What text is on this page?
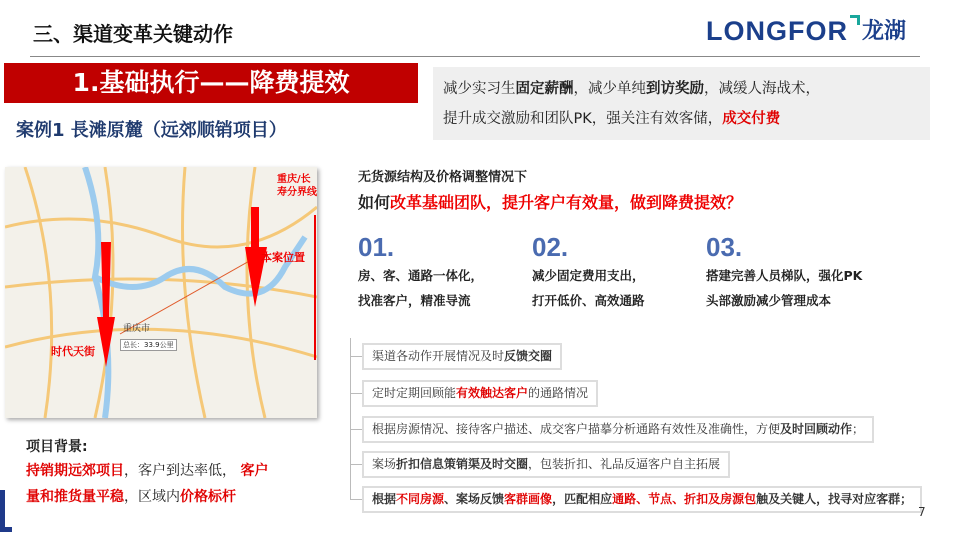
三、渠道变革关键动作	LONGFOR 龙湖
1.基础执行——降费提效	减少实习生固定薪酬，减少单纯到访奖励，减缓人海战术，
提升成交激励和团队PK，强关注有效客储，成交付费
案例1 長滩原麓（远郊顺销项目）
重庆/长寿分界线
本案位置
时代天街
重庆市
总长：33.9公里
项目背景:
持销期远郊项目，客户到达率低， 客户
量和推货量平稳，区域内价格标杆
无货源结构及价格调整情况下
如何改革基础团队，提升客户有效量，做到降费提效？
01.
房、客、通路一体化，
找准客户，精准导流
02.
减少固定费用支出，
打开低价、高效通路
03.
搭建完善人员梯队，强化PK
头部激励减少管理成本
渠道各动作开展情况及时反馈交圈
定时定期回顾能有效触达客户的通路情况
根据房源情况、接待客户描述、成交客户描摹分析通路有效性及准确性，方便及时回顾动作；
案场折扣信息策销渠及时交圈，包装折扣、礼品反逼客户自主拓展
根据不同房源、案场反馈客群画像，匹配相应通路、节点、折扣及房源包触及关键人，找寻对应客群；
7
